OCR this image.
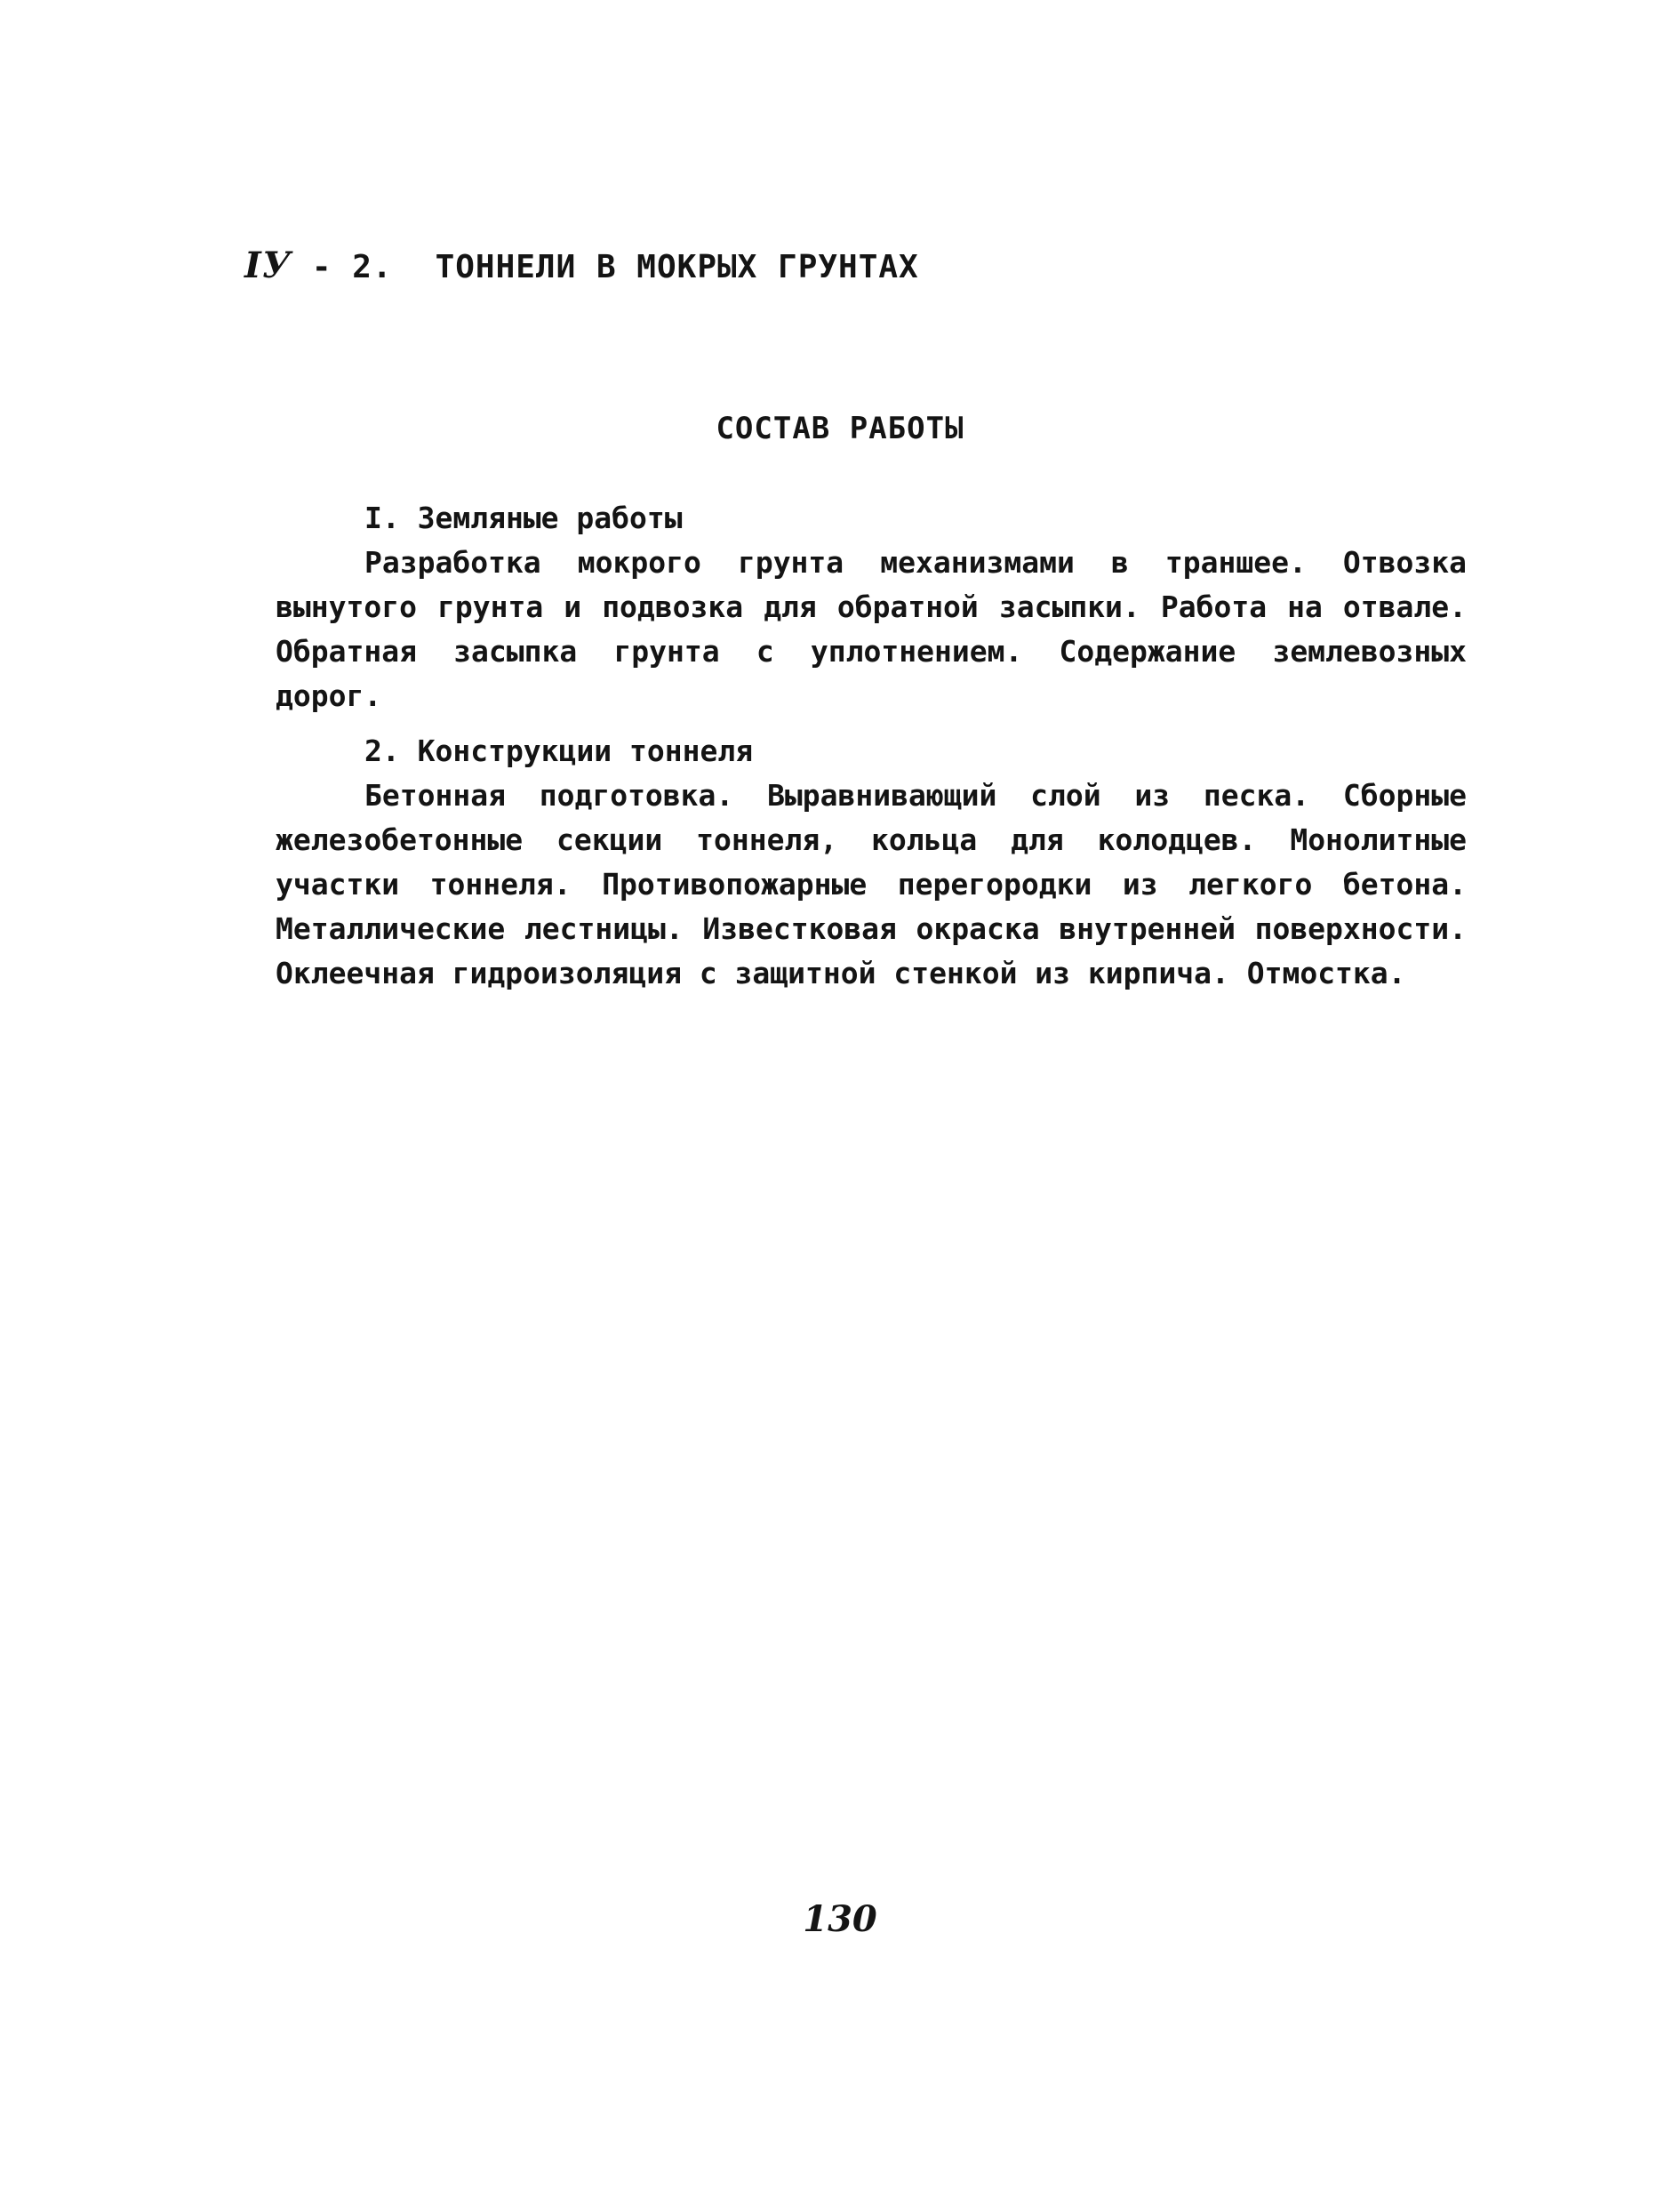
IУ - 2. ТОННЕЛИ В МОКРЫХ ГРУНТАХ
СОСТАВ РАБОТЫ
I. Земляные работы

Разработка мокрого грунта механизмами в траншее. Отвозка вынутого грунта и подвозка для обратной засыпки. Работа на отвале. Обратная засыпка грунта с уплотнением. Содержание землевозных дорог.

2. Конструкции тоннеля

Бетонная подготовка. Выравнивающий слой из песка. Сборные железобетонные секции тоннеля, кольца для колодцев. Монолитные участки тоннеля. Противопожарные перегородки из легкого бетона. Металлические лестницы. Известковая окраска внутренней поверхности. Оклеечная гидроизоляция с защитной стенкой из кирпича. Отмостка.

130
